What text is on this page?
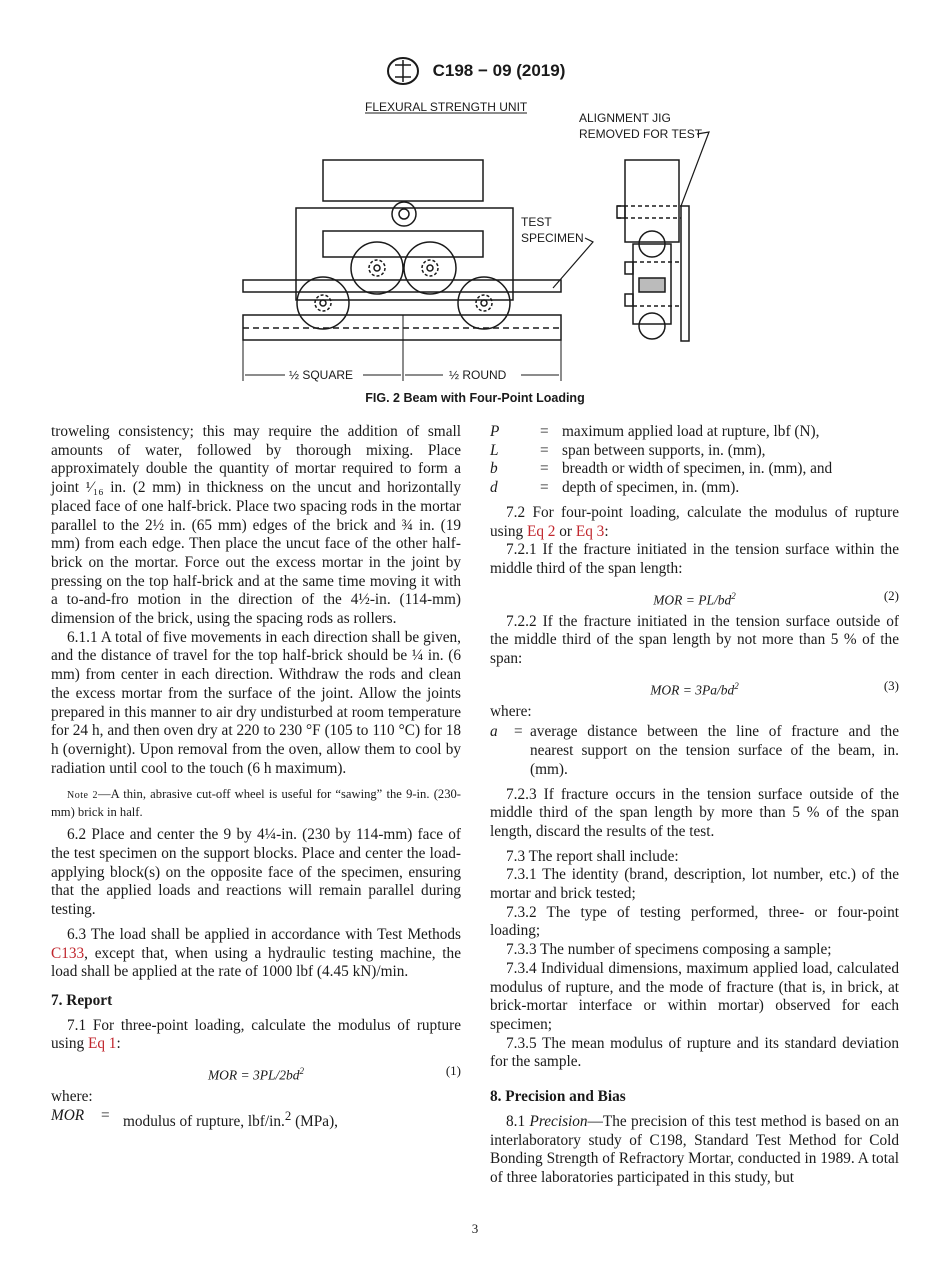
C198 − 09 (2019)
FLEXURAL STRENGTH UNIT
ALIGNMENT JIG
REMOVED FOR TEST
TEST
SPECIMEN
½ SQUARE	½ ROUND
FIG. 2 Beam with Four-Point Loading

troweling consistency; this may require the addition of small amounts of water, followed by thorough mixing. Place approximately double the quantity of mortar required to form a joint ¹⁄₁₆ in. (2 mm) in thickness on the uncut and horizontally placed face of one half-brick. Place two spacing rods in the mortar parallel to the 2½ in. (65 mm) edges of the brick and ¾ in. (19 mm) from each edge. Then place the uncut face of the other half-brick on the mortar. Force out the excess mortar in the joint by pressing on the top half-brick and at the same time moving it with a to-and-fro motion in the direction of the 4½-in. (114-mm) dimension of the brick, using the spacing rods as rollers.

6.1.1 A total of five movements in each direction shall be given, and the distance of travel for the top half-brick should be ¼ in. (6 mm) from center in each direction. Withdraw the rods and clean the excess mortar from the surface of the joint. Allow the joints prepared in this manner to air dry undisturbed at room temperature for 24 h, and then oven dry at 220 to 230 °F (105 to 110 °C) for 18 h (overnight). Upon removal from the oven, allow them to cool by radiation until cool to the touch (6 h maximum).

Note 2—A thin, abrasive cut-off wheel is useful for “sawing” the 9-in. (230-mm) brick in half.

6.2 Place and center the 9 by 4¼-in. (230 by 114-mm) face of the test specimen on the support blocks. Place and center the load-applying block(s) on the opposite face of the specimen, ensuring that the applied loads and reactions will remain parallel during testing.

6.3 The load shall be applied in accordance with Test Methods C133, except that, when using a hydraulic testing machine, the load shall be applied at the rate of 1000 lbf (4.45 kN)/min.

7. Report

7.1 For three-point loading, calculate the modulus of rupture using Eq 1:

MOR = $3PL/2bd^2$	(1)

where:

MOR	= modulus of rupture, lbf/in.$^2$ (MPa),
P	= maximum applied load at rupture, lbf (N),
L	= span between supports, in. (mm),
b	= breadth or width of specimen, in. (mm), and
d	= depth of specimen, in. (mm).

7.2 For four-point loading, calculate the modulus of rupture using Eq 2 or Eq 3:

7.2.1 If the fracture initiated in the tension surface within the middle third of the span length:

MOR = $PL/bd^2$	(2)

7.2.2 If the fracture initiated in the tension surface outside of the middle third of the span length by not more than 5 % of the span:

MOR = $3Pa/bd^2$	(3)

where:

a	= average distance between the line of fracture and the nearest support on the tension surface of the beam, in. (mm).

7.2.3 If fracture occurs in the tension surface outside of the middle third of the span length by more than 5 % of the span length, discard the results of the test.

7.3 The report shall include:

7.3.1 The identity (brand, description, lot number, etc.) of the mortar and brick tested;

7.3.2 The type of testing performed, three- or four-point loading;

7.3.3 The number of specimens composing a sample;

7.3.4 Individual dimensions, maximum applied load, calculated modulus of rupture, and the mode of fracture (that is, in brick, at brick-mortar interface or within mortar) observed for each specimen;

7.3.5 The mean modulus of rupture and its standard deviation for the sample.

8. Precision and Bias

8.1 Precision—The precision of this test method is based on an interlaboratory study of C198, Standard Test Method for Cold Bonding Strength of Refractory Mortar, conducted in 1989. A total of three laboratories participated in this study, but

3
